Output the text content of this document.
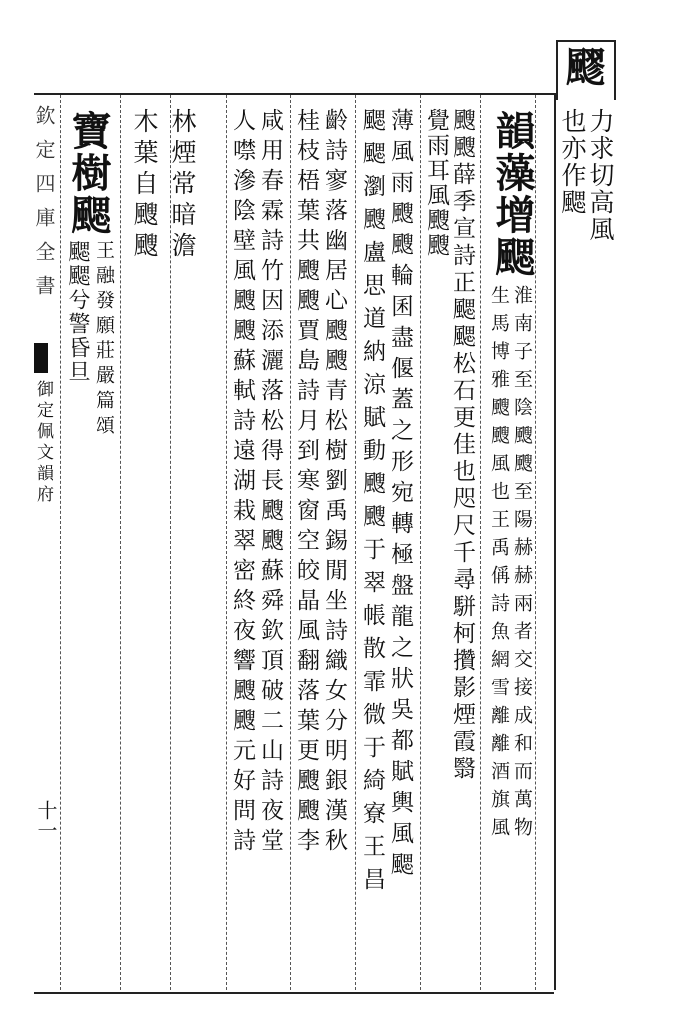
飂
力求切高風
也亦作颸
韻藻增颸
淮南子至陰颼颼至陽赫赫兩者交接成和而萬物
生馬博雅颼颼風也王禹偁詩魚網雪離離酒旗風
颼颼薛季宣詩正颸颸松石更佳也咫尺千尋駢柯攢影煙霞翳
覺雨耳風颼颼
薄風雨颼颼輪囷盡偃蓋之形宛轉極盤龍之狀吳都賦輿風颸
颸颸瀏颼盧思道納涼賦動颼颼于翠帳散霏微于綺寮王昌
齡詩寥落幽居心颼颼青松樹劉禹錫閒坐詩織女分明銀漢秋
桂枝梧葉共颼颼賈島詩月到寒窗空皎晶風翻落葉更颼颼李
咸用春霖詩竹因添灑落松得長颼颼蘇舜欽頂破二山詩夜堂
人噤滲陰壁風颼颼蘇軾詩遠湖栽翠密終夜響颼颼元好問詩
林煙常暗澹
木葉自颼颼
寶樹颸
王融發願莊嚴篇頌
颸颸兮警昏旦
欽定四庫全書
御定佩文韻府
十一
